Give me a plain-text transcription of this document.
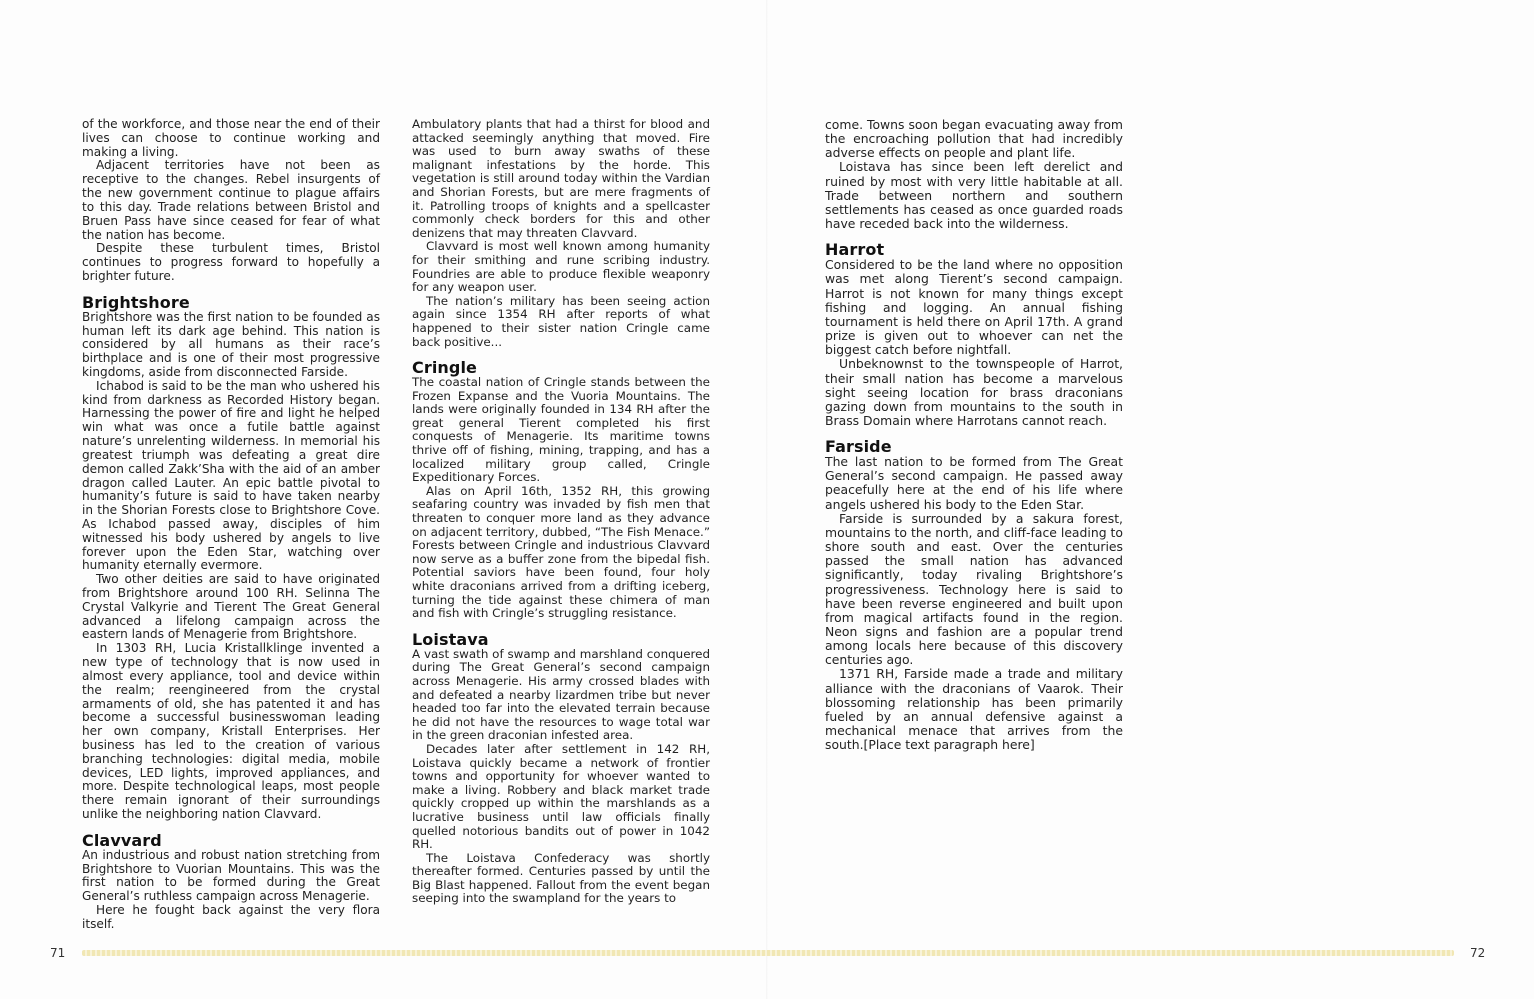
of the workforce, and those near the end of their lives can choose to continue working and making a living.

Adjacent territories have not been as receptive to the changes. Rebel insurgents of the new government continue to plague affairs to this day. Trade relations between Bristol and Bruen Pass have since ceased for fear of what the nation has become.

Despite these turbulent times, Bristol continues to progress forward to hopefully a brighter future.

Brightshore

Brightshore was the first nation to be founded as human left its dark age behind. This nation is considered by all humans as their race’s birthplace and is one of their most progressive kingdoms, aside from disconnected Farside.

Ichabod is said to be the man who ushered his kind from darkness as Recorded History began. Harnessing the power of fire and light he helped win what was once a futile battle against nature’s unrelenting wilderness. In memorial his greatest triumph was defeating a great dire demon called Zakk’Sha with the aid of an amber dragon called Lauter. An epic battle pivotal to humanity’s future is said to have taken nearby in the Shorian Forests close to Brightshore Cove. As Ichabod passed away, disciples of him witnessed his body ushered by angels to live forever upon the Eden Star, watching over humanity eternally evermore.

Two other deities are said to have originated from Brightshore around 100 RH. Selinna The Crystal Valkyrie and Tierent The Great General advanced a lifelong campaign across the eastern lands of Menagerie from Brightshore.

In 1303 RH, Lucia Kristallklinge invented a new type of technology that is now used in almost every appliance, tool and device within the realm; reengineered from the crystal armaments of old, she has patented it and has become a successful businesswoman leading her own company, Kristall Enterprises. Her business has led to the creation of various branching technologies: digital media, mobile devices, LED lights, improved appliances, and more. Despite technological leaps, most people there remain ignorant of their surroundings unlike the neighboring nation Clavvard.

Clavvard

An industrious and robust nation stretching from Brightshore to Vuorian Mountains. This was the first nation to be formed during the Great General’s ruthless campaign across Menagerie.

Here he fought back against the very flora itself.

Ambulatory plants that had a thirst for blood and attacked seemingly anything that moved. Fire was used to burn away swaths of these malignant infestations by the horde. This vegetation is still around today within the Vardian and Shorian Forests, but are mere fragments of it. Patrolling troops of knights and a spellcaster commonly check borders for this and other denizens that may threaten Clavvard.

Clavvard is most well known among humanity for their smithing and rune scribing industry. Foundries are able to produce flexible weaponry for any weapon user.

The nation’s military has been seeing action again since 1354 RH after reports of what happened to their sister nation Cringle came back positive...

Cringle

The coastal nation of Cringle stands between the Frozen Expanse and the Vuoria Mountains. The lands were originally founded in 134 RH after the great general Tierent completed his first conquests of Menagerie. Its maritime towns thrive off of fishing, mining, trapping, and has a localized military group called, Cringle Expeditionary Forces.

Alas on April 16th, 1352 RH, this growing seafaring country was invaded by fish men that threaten to conquer more land as they advance on adjacent territory, dubbed, “The Fish Menace.” Forests between Cringle and industrious Clavvard now serve as a buffer zone from the bipedal fish. Potential saviors have been found, four holy white draconians arrived from a drifting iceberg, turning the tide against these chimera of man and fish with Cringle’s struggling resistance.

Loistava

A vast swath of swamp and marshland conquered during The Great General’s second campaign across Menagerie. His army crossed blades with and defeated a nearby lizardmen tribe but never headed too far into the elevated terrain because he did not have the resources to wage total war in the green draconian infested area.

Decades later after settlement in 142 RH, Loistava quickly became a network of frontier towns and opportunity for whoever wanted to make a living. Robbery and black market trade quickly cropped up within the marshlands as a lucrative business until law officials finally quelled notorious bandits out of power in 1042 RH.

The Loistava Confederacy was shortly thereafter formed. Centuries passed by until the Big Blast happened. Fallout from the event began seeping into the swampland for the years to

come. Towns soon began evacuating away from the encroaching pollution that had incredibly adverse effects on people and plant life.

Loistava has since been left derelict and ruined by most with very little habitable at all. Trade between northern and southern settlements has ceased as once guarded roads have receded back into the wilderness.

Harrot

Considered to be the land where no opposition was met along Tierent’s second campaign. Harrot is not known for many things except fishing and logging. An annual fishing tournament is held there on April 17th. A grand prize is given out to whoever can net the biggest catch before nightfall.

Unbeknownst to the townspeople of Harrot, their small nation has become a marvelous sight seeing location for brass draconians gazing down from mountains to the south in Brass Domain where Harrotans cannot reach.

Farside

The last nation to be formed from The Great General’s second campaign. He passed away peacefully here at the end of his life where angels ushered his body to the Eden Star.

Farside is surrounded by a sakura forest, mountains to the north, and cliff-face leading to shore south and east. Over the centuries passed the small nation has advanced significantly, today rivaling Brightshore’s progressiveness. Technology here is said to have been reverse engineered and built upon from magical artifacts found in the region. Neon signs and fashion are a popular trend among locals here because of this discovery centuries ago.

1371 RH, Farside made a trade and military alliance with the draconians of Vaarok. Their blossoming relationship has been primarily fueled by an annual defensive against a mechanical menace that arrives from the south.[Place text paragraph here]

71	72
